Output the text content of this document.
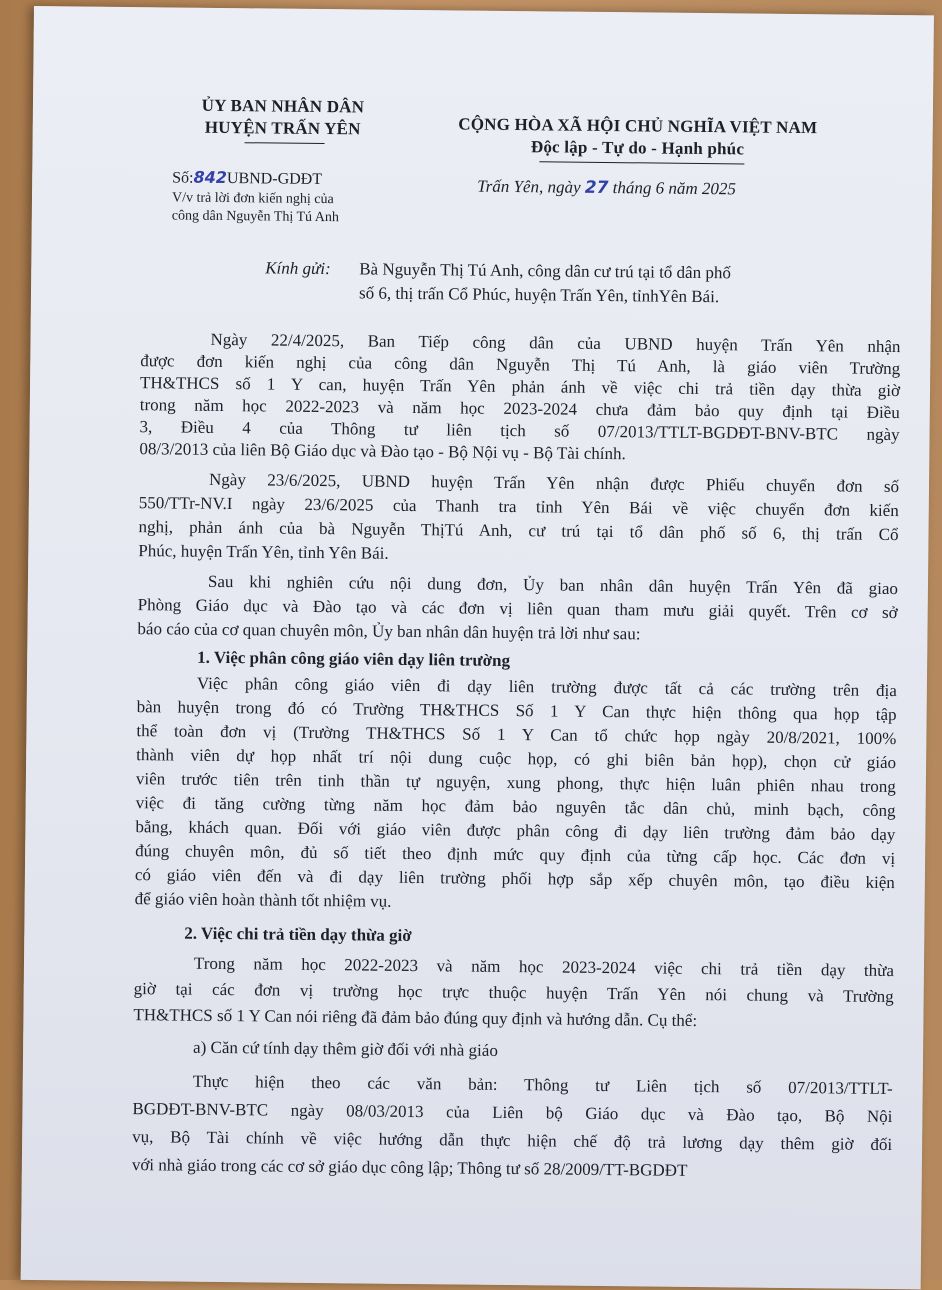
ỦY BAN NHÂN DÂN
HUYỆN TRẤN YÊN
Số:842UBND-GDĐT
V/v trả lời đơn kiến nghị của
công dân Nguyễn Thị Tú Anh
CỘNG HÒA XÃ HỘI CHỦ NGHĨA VIỆT NAM
Độc lập - Tự do - Hạnh phúc
Trấn Yên, ngày 27 tháng 6 năm 2025
Kính gửi: Bà Nguyễn Thị Tú Anh, công dân cư trú tại tổ dân phố
số 6, thị trấn Cổ Phúc, huyện Trấn Yên, tỉnhYên Bái.
Ngày 22/4/2025, Ban Tiếp công dân của UBND huyện Trấn Yên nhận
được đơn kiến nghị của công dân Nguyễn Thị Tú Anh, là giáo viên Trường
TH&THCS số 1 Y can, huyện Trấn Yên phản ánh về việc chi trả tiền dạy thừa giờ
trong năm học 2022-2023 và năm học 2023-2024 chưa đảm bảo quy định tại Điều
3, Điều 4 của Thông tư liên tịch số 07/2013/TTLT-BGDĐT-BNV-BTC ngày
08/3/2013 của liên Bộ Giáo dục và Đào tạo - Bộ Nội vụ - Bộ Tài chính.
Ngày 23/6/2025, UBND huyện Trấn Yên nhận được Phiếu chuyển đơn số
550/TTr-NV.I ngày 23/6/2025 của Thanh tra tỉnh Yên Bái về việc chuyển đơn kiến
nghị, phản ánh của bà Nguyễn ThịTú Anh, cư trú tại tổ dân phố số 6, thị trấn Cổ
Phúc, huyện Trấn Yên, tỉnh Yên Bái.
Sau khi nghiên cứu nội dung đơn, Ủy ban nhân dân huyện Trấn Yên đã giao
Phòng Giáo dục và Đào tạo và các đơn vị liên quan tham mưu giải quyết. Trên cơ sở
báo cáo của cơ quan chuyên môn, Ủy ban nhân dân huyện trả lời như sau:
1. Việc phân công giáo viên dạy liên trường
Việc phân công giáo viên đi dạy liên trường được tất cả các trường trên địa
bàn huyện trong đó có Trường TH&THCS Số 1 Y Can thực hiện thông qua họp tập
thể toàn đơn vị (Trường TH&THCS Số 1 Y Can tổ chức họp ngày 20/8/2021, 100%
thành viên dự họp nhất trí nội dung cuộc họp, có ghi biên bản họp), chọn cử giáo
viên trước tiên trên tinh thần tự nguyện, xung phong, thực hiện luân phiên nhau trong
việc đi tăng cường từng năm học đảm bảo nguyên tắc dân chủ, minh bạch, công
bằng, khách quan. Đối với giáo viên được phân công đi dạy liên trường đảm bảo dạy
đúng chuyên môn, đủ số tiết theo định mức quy định của từng cấp học. Các đơn vị
có giáo viên đến và đi dạy liên trường phối hợp sắp xếp chuyên môn, tạo điều kiện
để giáo viên hoàn thành tốt nhiệm vụ.
2. Việc chi trả tiền dạy thừa giờ
Trong năm học 2022-2023 và năm học 2023-2024 việc chi trả tiền dạy thừa
giờ tại các đơn vị trường học trực thuộc huyện Trấn Yên nói chung và Trường
TH&THCS số 1 Y Can nói riêng đã đảm bảo đúng quy định và hướng dẫn. Cụ thể:
a) Căn cứ tính dạy thêm giờ đối với nhà giáo
Thực hiện theo các văn bản: Thông tư Liên tịch số 07/2013/TTLT-
BGDĐT-BNV-BTC ngày 08/03/2013 của Liên bộ Giáo dục và Đào tạo, Bộ Nội
vụ, Bộ Tài chính về việc hướng dẫn thực hiện chế độ trả lương dạy thêm giờ đối
với nhà giáo trong các cơ sở giáo dục công lập; Thông tư số 28/2009/TT-BGDĐT
